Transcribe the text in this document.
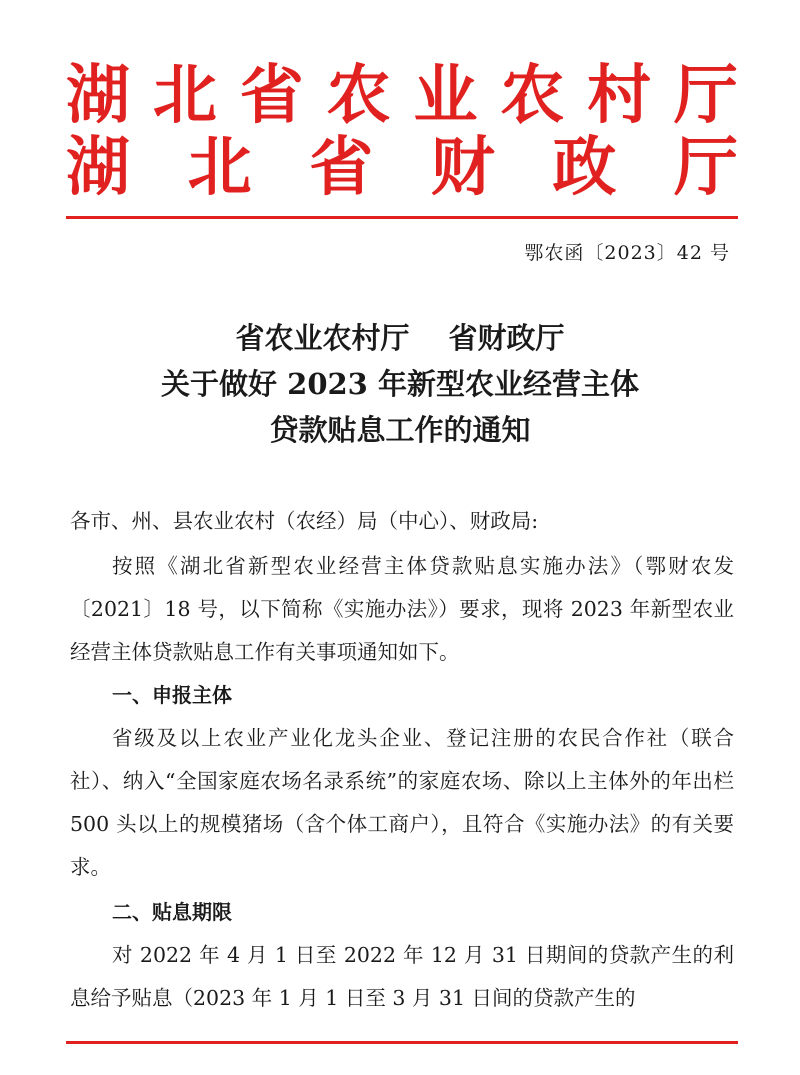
湖 北 省 农 业 农 村 厅
湖 北 省 财 政 厅
鄂农函〔2023〕42 号
省农业农村厅　 省财政厅
关于做好 2023 年新型农业经营主体
贷款贴息工作的通知
各市、州、县农业农村（农经）局（中心）、财政局:
按照《湖北省新型农业经营主体贷款贴息实施办法》（鄂财农发〔2021〕18 号，以下简称《实施办法》）要求，现将 2023 年新型农业经营主体贷款贴息工作有关事项通知如下。
一、申报主体
省级及以上农业产业化龙头企业、登记注册的农民合作社（联合社）、纳入“全国家庭农场名录系统”的家庭农场、除以上主体外的年出栏 500 头以上的规模猪场（含个体工商户），且符合《实施办法》的有关要求。
二、贴息期限
对 2022 年 4 月 1 日至 2022 年 12 月 31 日期间的贷款产生的利息给予贴息（2023 年 1 月 1 日至 3 月 31 日间的贷款产生的
